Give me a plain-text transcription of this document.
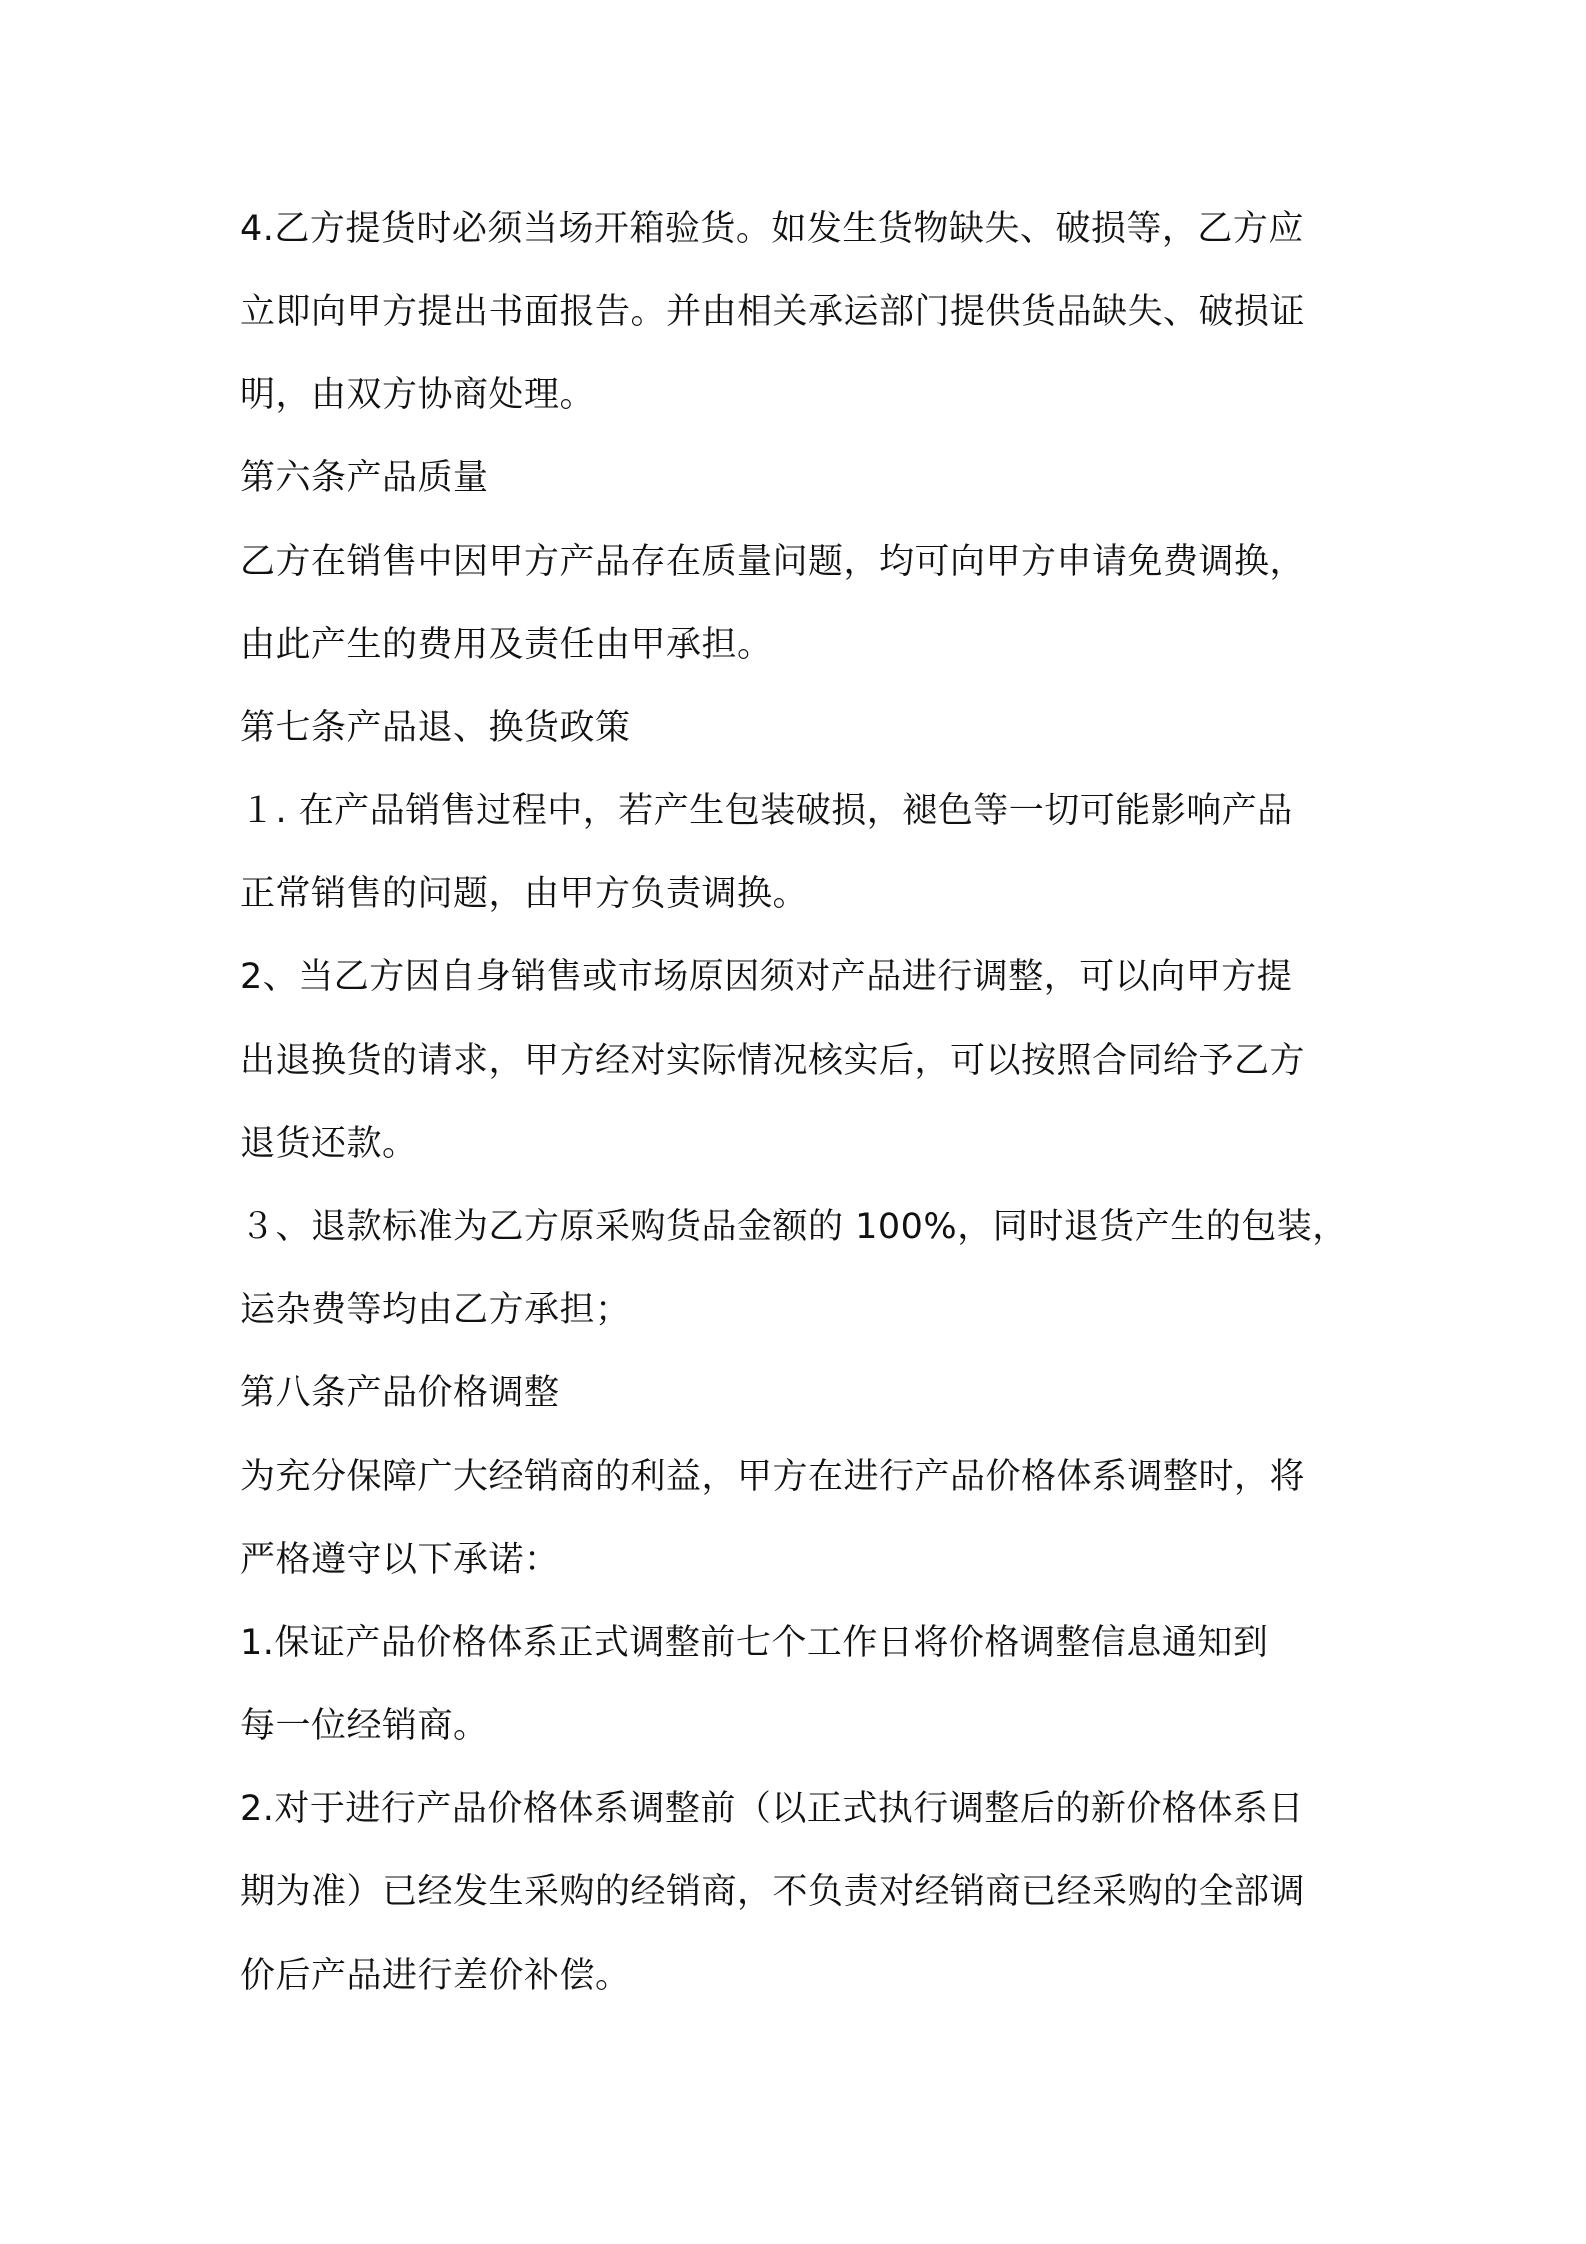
4.乙方提货时必须当场开箱验货。如发生货物缺失、破损等，乙方应

立即向甲方提出书面报告。并由相关承运部门提供货品缺失、破损证

明，由双方协商处理。

第六条产品质量

乙方在销售中因甲方产品存在质量问题，均可向甲方申请免费调换，

由此产生的费用及责任由甲承担。

第七条产品退、换货政策

１. 在产品销售过程中，若产生包装破损，褪色等一切可能影响产品

正常销售的问题，由甲方负责调换。

2、当乙方因自身销售或市场原因须对产品进行调整，可以向甲方提

出退换货的请求，甲方经对实际情况核实后，可以按照合同给予乙方

退货还款。

３、退款标准为乙方原采购货品金额的 100%，同时退货产生的包装，

运杂费等均由乙方承担；

第八条产品价格调整

为充分保障广大经销商的利益，甲方在进行产品价格体系调整时，将

严格遵守以下承诺：

1.保证产品价格体系正式调整前七个工作日将价格调整信息通知到

每一位经销商。

2.对于进行产品价格体系调整前（以正式执行调整后的新价格体系日

期为准）已经发生采购的经销商，不负责对经销商已经采购的全部调

价后产品进行差价补偿。
